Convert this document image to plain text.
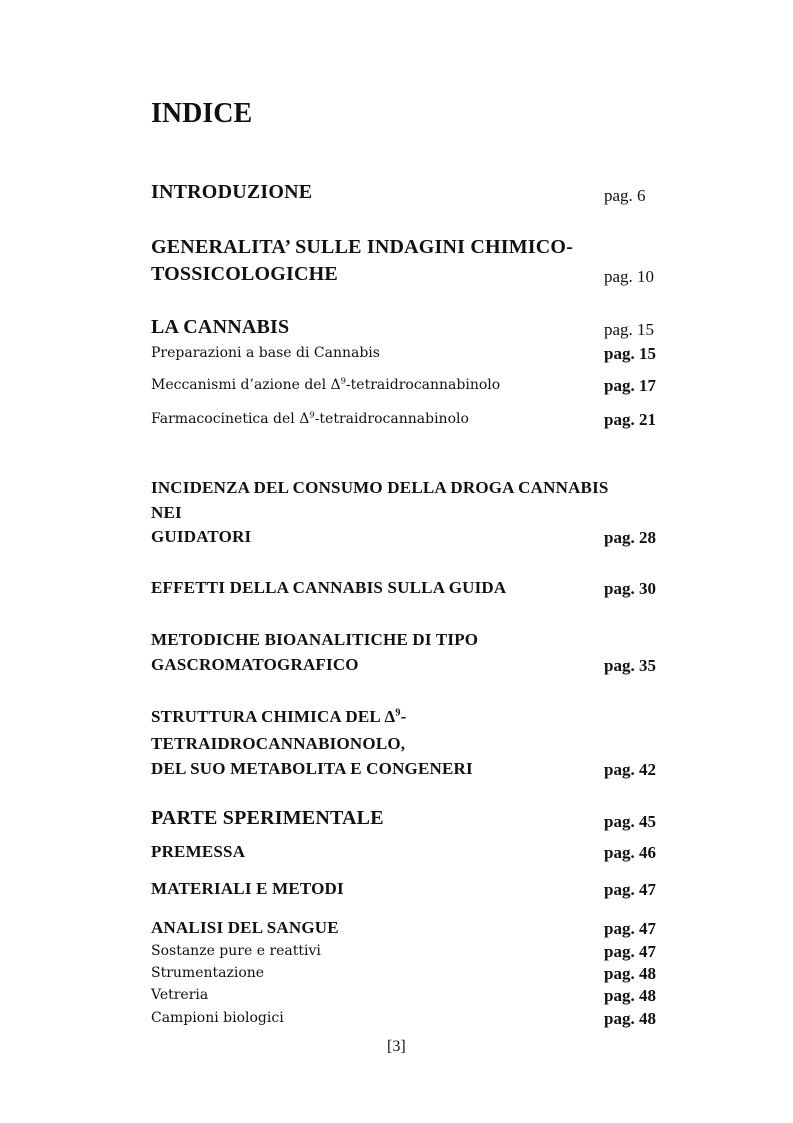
INDICE
INTRODUZIONE	pag. 6
GENERALITA’ SULLE INDAGINI CHIMICO-
TOSSICOLOGICHE	pag. 10
LA CANNABIS	pag. 15
Preparazioni a base di Cannabis	pag. 15
Meccanismi d’azione del $\Delta^9$-tetraidrocannabinolo	pag. 17
Farmacocinetica del $\Delta^9$-tetraidrocannabinolo	pag. 21
INCIDENZA DEL CONSUMO DELLA DROGA CANNABIS
NEI
GUIDATORI	pag. 28
EFFETTI DELLA CANNABIS SULLA GUIDA	pag. 30
METODICHE BIOANALITICHE DI TIPO
GASCROMATOGRAFICO	pag. 35
STRUTTURA CHIMICA DEL $\Delta^9-$
TETRAIDROCANNABIONOLO,
DEL SUO METABOLITA E CONGENERI	pag. 42
PARTE SPERIMENTALE	pag. 45
PREMESSA	pag. 46
MATERIALI E METODI	pag. 47
ANALISI DEL SANGUE	pag. 47
Sostanze pure e reattivi	pag. 47
Strumentazione	pag. 48
Vetreria	pag. 48
Campioni biologici	pag. 48
[3]
